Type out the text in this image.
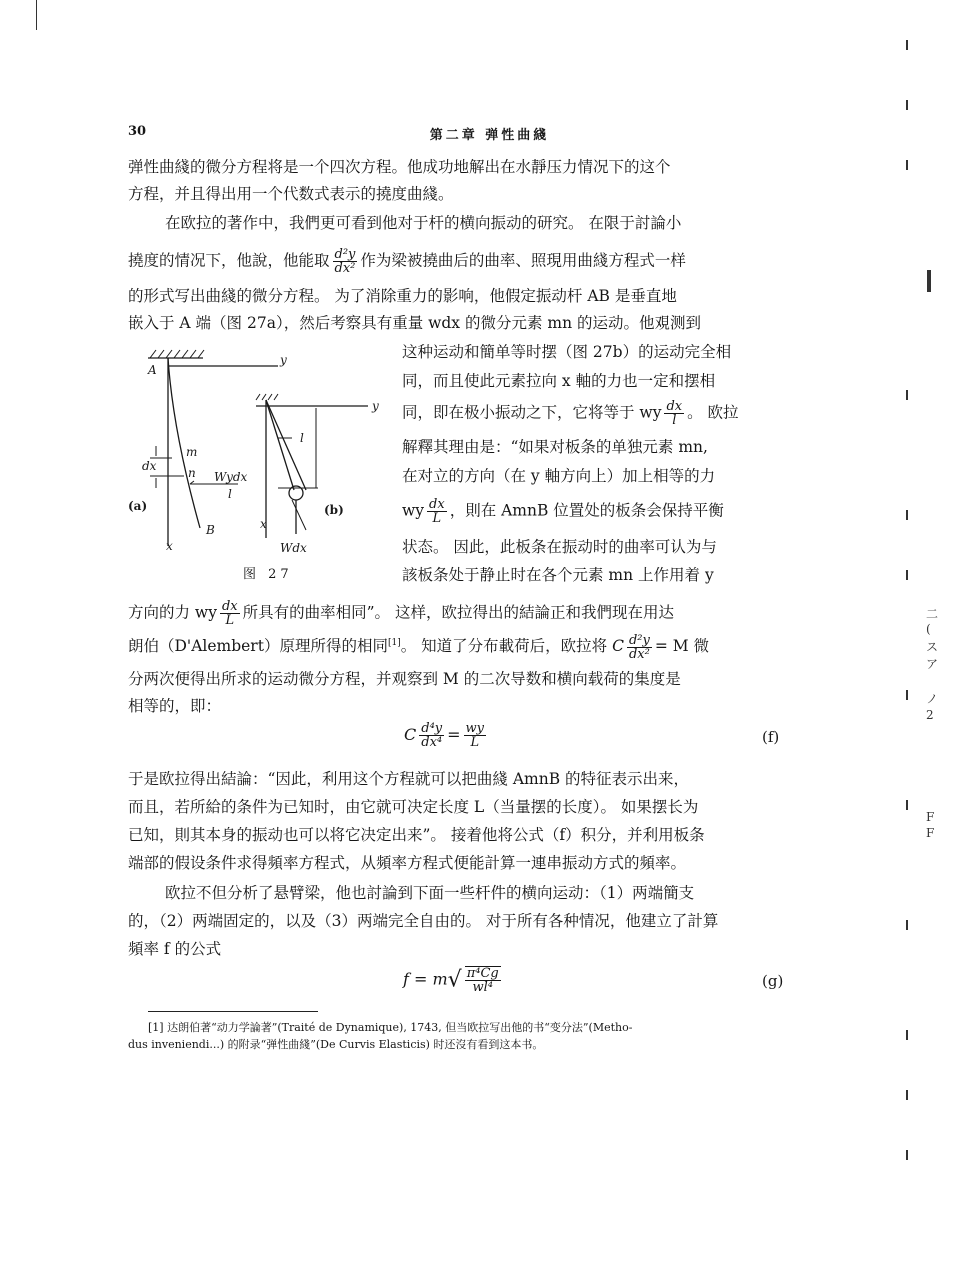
30	第二章 弹性曲綫
弹性曲綫的微分方程将是一个四次方程。他成功地解出在水靜压力情况下的这个
方程，并且得出用一个代数式表示的撓度曲綫。
在欧拉的著作中，我們更可看到他对于杆的横向振动的研究。 在限于討論小
撓度的情况下，他說，他能取 $\frac{\text{d²y}}{\text{dx²}}$ 作为梁被撓曲后的曲率、照現用曲綫方程式一样
的形式写出曲綫的微分方程。 为了消除重力的影响，他假定振动杆 AB 是垂直地
嵌入于 A 端（图 27a），然后考察具有重量 wdx 的微分元素 mn 的运动。他覌测到
这种运动和簡单等时摆（图 27b）的运动完全相
同，而且使此元素拉向 x 軸的力也一定和摆相
同，即在极小振动之下，它将等于 wy $\frac{dx}{l}$ 。 欧拉
解釋其理由是：“如果对板条的单独元素 mn,
在对立的方向（在 y 軸方向上）加上相等的力
wy $\frac{dx}{L}$ ，則在 AmnB 位置处的板条会保持平衡
状态。 因此，此板条在振动时的曲率可认为与
該板条处于静止时在各个元素 mn 上作用着 y
A
y
y
m
n
dx
Wydx
l
l
(a)	(b)
B
x
x
Wdx
图 27
方向的力 wy $\frac{dx}{L}$ 所具有的曲率相同”。 这样，欧拉得出的結論正和我們现在用达
朗伯（D'Alembert）原理所得的相同[1]。 知道了分布載荷后，欧拉将 C $\frac{\text{d²y}}{\text{dx²}} = M$ 微
分两次便得出所求的运动微分方程，并观察到 M 的二次导数和横向载荷的集度是
相等的，即：
C $\frac{\text{d⁴y}}{\text{dx⁴}} = \frac{wy}{L}$	(f)
于是欧拉得出結論：“因此，利用这个方程就可以把曲綫 AmnB 的特征表示出来，
而且，若所給的条件为已知时，由它就可决定长度 L（当量摆的长度）。 如果摆长为
已知，則其本身的振动也可以将它决定出来”。 接着他将公式（f）积分，并利用板条
端部的假设条件求得頻率方程式，从頻率方程式便能計算一連串振动方式的頻率。
欧拉不但分析了悬臂梁，他也討論到下面一些杆件的横向运动：（1）两端簡支
的，（2）两端固定的，以及（3）两端完全自由的。 对于所有各种情况，他建立了計算
頻率 f 的公式
$f = m√ \frac{\text{π⁴Cg}}{\text{wl⁴}}$	(g)
[1] 达朗伯著“动力学論著”(Traité de Dynamique), 1743, 但当欧拉写出他的书“变分法”(Metho-
dus inveniendi...) 的附录“弹性曲綫”(De Curvis Elasticis) 时还沒有看到这本书。
二
(
ス
ア
ノ
2
F
F
